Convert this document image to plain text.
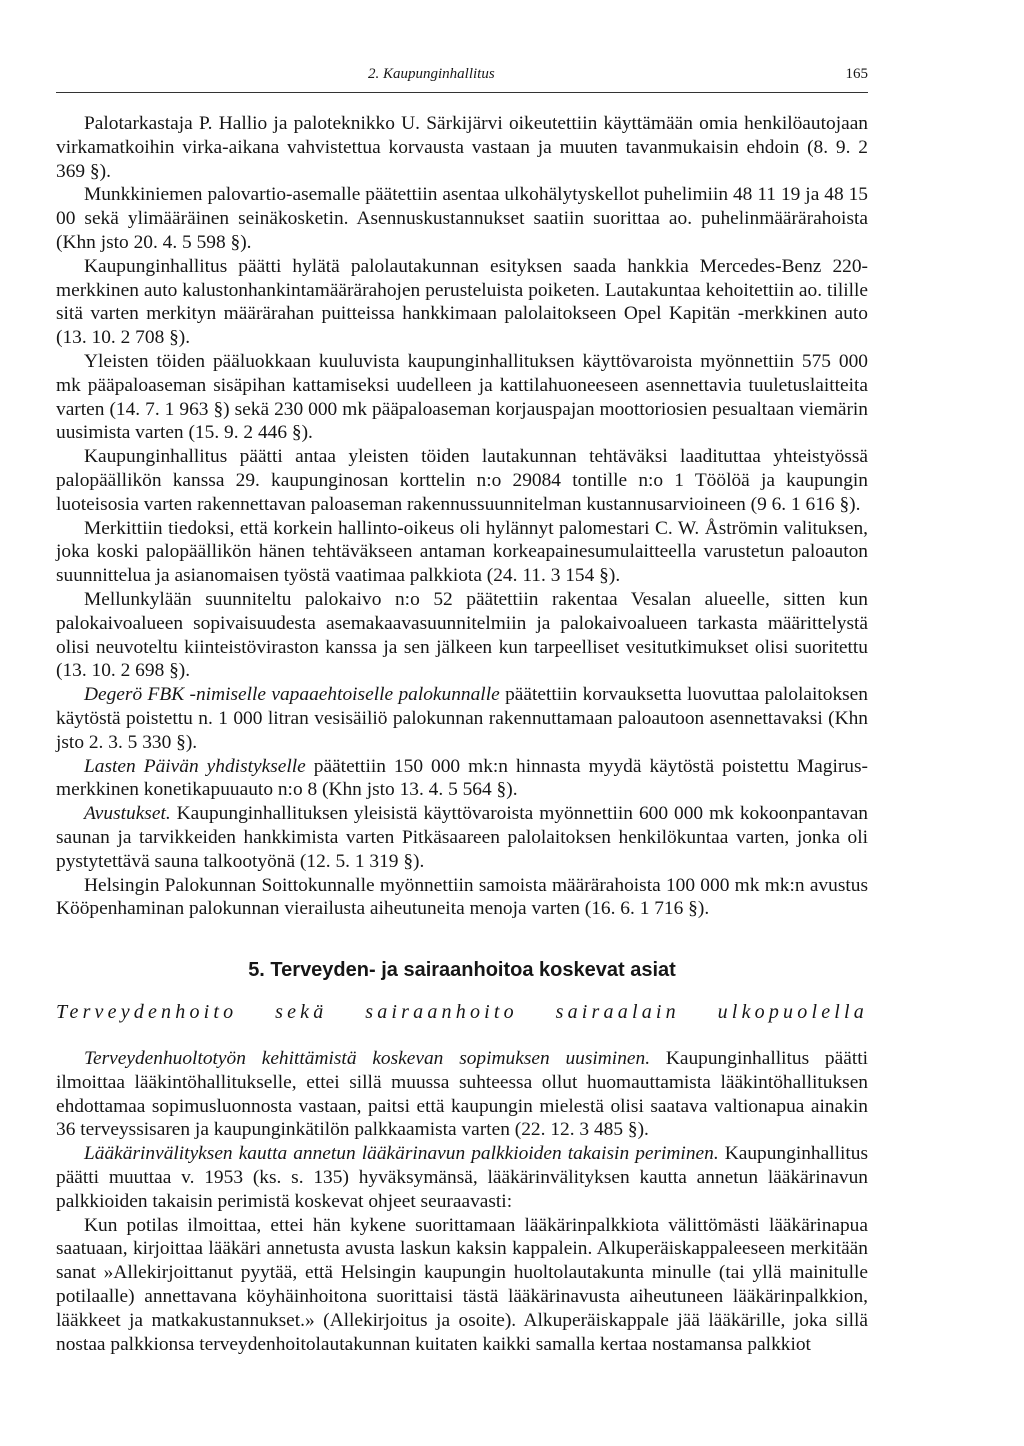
2. Kaupunginhallitus	165

Palotarkastaja P. Hallio ja paloteknikko U. Särkijärvi oikeutettiin käyttämään omia henkilöautojaan virkamatkoihin virka-aikana vahvistettua korvausta vastaan ja muuten tavanmukaisin ehdoin (8. 9. 2 369 §).

Munkkiniemen palovartio-asemalle päätettiin asentaa ulkohälytyskellot puhelimiin 48 11 19 ja 48 15 00 sekä ylimääräinen seinäkosketin. Asennuskustannukset saatiin suorittaa ao. puhelinmäärärahoista (Khn jsto 20. 4. 5 598 §).

Kaupunginhallitus päätti hylätä palolautakunnan esityksen saada hankkia Mercedes-Benz 220-merkkinen auto kalustonhankintamäärärahojen perusteluista poiketen. Lautakuntaa kehoitettiin ao. tilille sitä varten merkityn määrärahan puitteissa hankkimaan palolaitokseen Opel Kapitän -merkkinen auto (13. 10. 2 708 §).

Yleisten töiden pääluokkaan kuuluvista kaupunginhallituksen käyttövaroista myönnettiin 575 000 mk pääpaloaseman sisäpihan kattamiseksi uudelleen ja kattilahuoneeseen asennettavia tuuletuslaitteita varten (14. 7. 1 963 §) sekä 230 000 mk pääpaloaseman korjauspajan moottoriosien pesualtaan viemärin uusimista varten (15. 9. 2 446 §).

Kaupunginhallitus päätti antaa yleisten töiden lautakunnan tehtäväksi laadituttaa yhteistyössä palopäällikön kanssa 29. kaupunginosan korttelin n:o 29084 tontille n:o 1 Töölöä ja kaupungin luoteisosia varten rakennettavan paloaseman rakennussuunnitelman kustannusarvioineen (9 6. 1 616 §).

Merkittiin tiedoksi, että korkein hallinto-oikeus oli hylännyt palomestari C. W. Åströmin valituksen, joka koski palopäällikön hänen tehtäväkseen antaman korkeapainesumulaitteella varustetun paloauton suunnittelua ja asianomaisen työstä vaatimaa palkkiota (24. 11. 3 154 §).

Mellunkylään suunniteltu palokaivo n:o 52 päätettiin rakentaa Vesalan alueelle, sitten kun palokaivoalueen sopivaisuudesta asemakaavasuunnitelmiin ja palokaivoalueen tarkasta määrittelystä olisi neuvoteltu kiinteistöviraston kanssa ja sen jälkeen kun tarpeelliset vesitutkimukset olisi suoritettu (13. 10. 2 698 §).

Degerö FBK -nimiselle vapaaehtoiselle palokunnalle päätettiin korvauksetta luovuttaa palolaitoksen käytöstä poistettu n. 1 000 litran vesisäiliö palokunnan rakennuttamaan paloautoon asennettavaksi (Khn jsto 2. 3. 5 330 §).

Lasten Päivän yhdistykselle päätettiin 150 000 mk:n hinnasta myydä käytöstä poistettu Magirus-merkkinen konetikapuuauto n:o 8 (Khn jsto 13. 4. 5 564 §).

Avustukset. Kaupunginhallituksen yleisistä käyttövaroista myönnettiin 600 000 mk kokoonpantavan saunan ja tarvikkeiden hankkimista varten Pitkäsaareen palolaitoksen henkilökuntaa varten, jonka oli pystytettävä sauna talkootyönä (12. 5. 1 319 §).

Helsingin Palokunnan Soittokunnalle myönnettiin samoista määrärahoista 100 000 mk mk:n avustus Kööpenhaminan palokunnan vierailusta aiheutuneita menoja varten (16. 6. 1 716 §).

5. Terveyden- ja sairaanhoitoa koskevat asiat
Terveydenhoito sekä sairaanhoito sairaalain ulkopuolella

Terveydenhuoltotyön kehittämistä koskevan sopimuksen uusiminen. Kaupunginhallitus päätti ilmoittaa lääkintöhallitukselle, ettei sillä muussa suhteessa ollut huomauttamista lääkintöhallituksen ehdottamaa sopimusluonnosta vastaan, paitsi että kaupungin mielestä olisi saatava valtionapua ainakin 36 terveyssisaren ja kaupunginkätilön palkkaamista varten (22. 12. 3 485 §).

Lääkärinvälityksen kautta annetun lääkärinavun palkkioiden takaisin periminen. Kaupunginhallitus päätti muuttaa v. 1953 (ks. s. 135) hyväksymänsä, lääkärinvälityksen kautta annetun lääkärinavun palkkioiden takaisin perimistä koskevat ohjeet seuraavasti:

Kun potilas ilmoittaa, ettei hän kykene suorittamaan lääkärinpalkkiota välittömästi lääkärinapua saatuaan, kirjoittaa lääkäri annetusta avusta laskun kaksin kappalein. Alkuperäiskappaleeseen merkitään sanat »Allekirjoittanut pyytää, että Helsingin kaupungin huoltolautakunta minulle (tai yllä mainitulle potilaalle) annettavana köyhäinhoitona suorittaisi tästä lääkärinavusta aiheutuneen lääkärinpalkkion, lääkkeet ja matkakustannukset.» (Allekirjoitus ja osoite). Alkuperäiskappale jää lääkärille, joka sillä nostaa palkkionsa terveydenhoitolautakunnan kuitaten kaikki samalla kertaa nostamansa palkkiot
